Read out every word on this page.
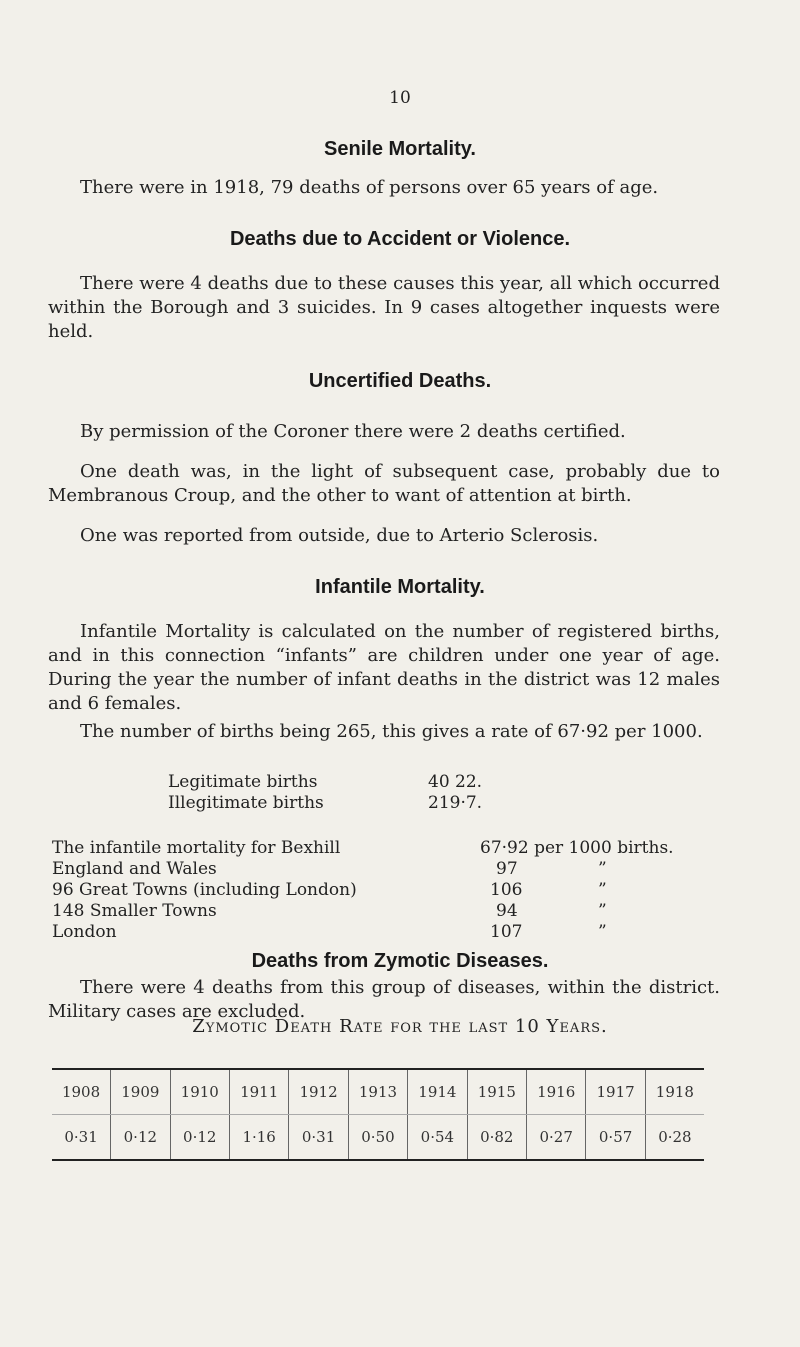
10
Senile Mortality.
There were in 1918, 79 deaths of persons over 65 years of age.
Deaths due to Accident or Violence.
There were 4 deaths due to these causes this year, all which occurred within the Borough and 3 suicides. In 9 cases altogether inquests were held.
Uncertified Deaths.
By permission of the Coroner there were 2 deaths certified.
One death was, in the light of subsequent case, probably due to Membranous Croup, and the other to want of attention at birth.
One was reported from outside, due to Arterio Sclerosis.
Infantile Mortality.
Infantile Mortality is calculated on the number of registered births, and in this connection “infants” are children under one year of age. During the year the number of infant deaths in the district was 12 males and 6 females.
The number of births being 265, this gives a rate of 67·92 per 1000.
Legitimate births	40 22.
Illegitimate births	219·7.
The infantile mortality for Bexhill	67·92 per 1000 births.
England and Wales	97	”
96 Great Towns (including London)	106	”
148 Smaller Towns	94	”
London	107	”
Deaths from Zymotic Diseases.
There were 4 deaths from this group of diseases, within the district. Military cases are excluded.
Zymotic Death Rate for the last 10 Years.
1908	1909	1910	1911	1912	1913	1914	1915	1916	1917	1918
0·31	0·12	0·12	1·16	0·31	0·50	0·54	0·82	0·27	0·57	0·28
